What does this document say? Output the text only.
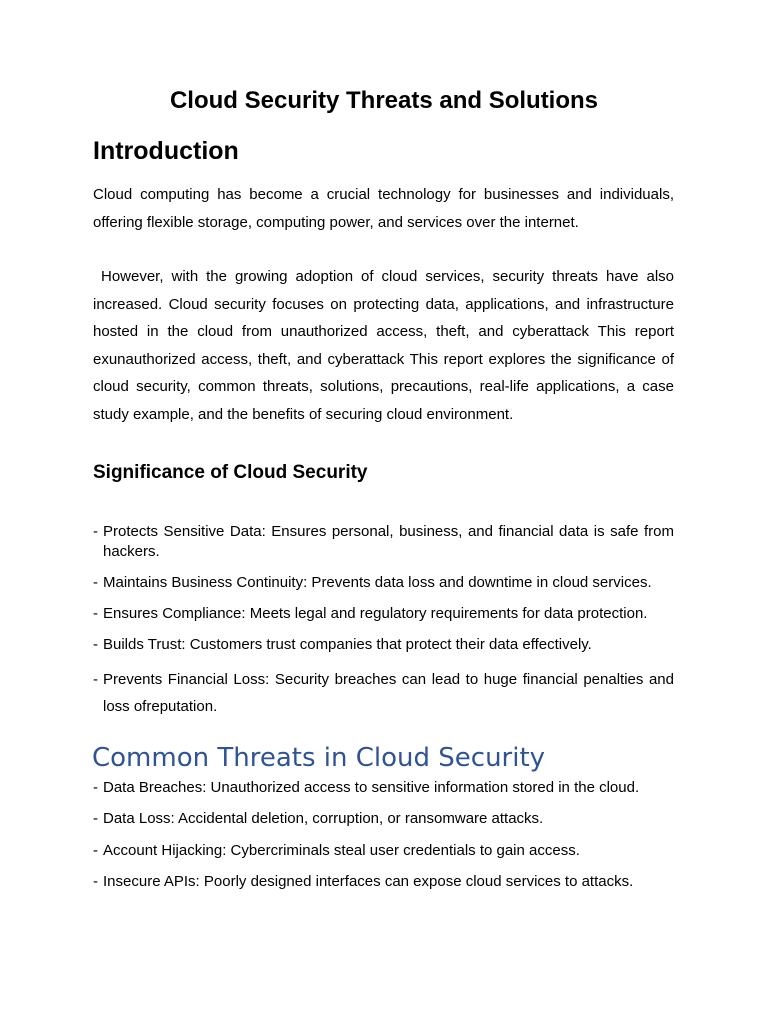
Cloud Security Threats and Solutions
Introduction

Cloud computing has become a crucial technology for businesses and individuals, offering flexible storage, computing power, and services over the internet.

However, with the growing adoption of cloud services, security threats have also increased. Cloud security focuses on protecting data, applications, and infrastructure hosted in the cloud from unauthorized access, theft, and cyberattack This report exunauthorized access, theft, and cyberattack This report explores the significance of cloud security, common threats, solutions, precautions, real-life applications, a case study example, and the benefits of securing cloud environment.

Significance of Cloud Security
- Protects Sensitive Data: Ensures personal, business, and financial data is safe from hackers.
- Maintains Business Continuity: Prevents data loss and downtime in cloud services.
- Ensures Compliance: Meets legal and regulatory requirements for data protection.
- Builds Trust: Customers trust companies that protect their data effectively.
- Prevents Financial Loss: Security breaches can lead to huge financial penalties and loss ofreputation.
Common Threats in Cloud Security
- Data Breaches: Unauthorized access to sensitive information stored in the cloud.
- Data Loss: Accidental deletion, corruption, or ransomware attacks.
- Account Hijacking: Cybercriminals steal user credentials to gain access.
- Insecure APIs: Poorly designed interfaces can expose cloud services to attacks.
